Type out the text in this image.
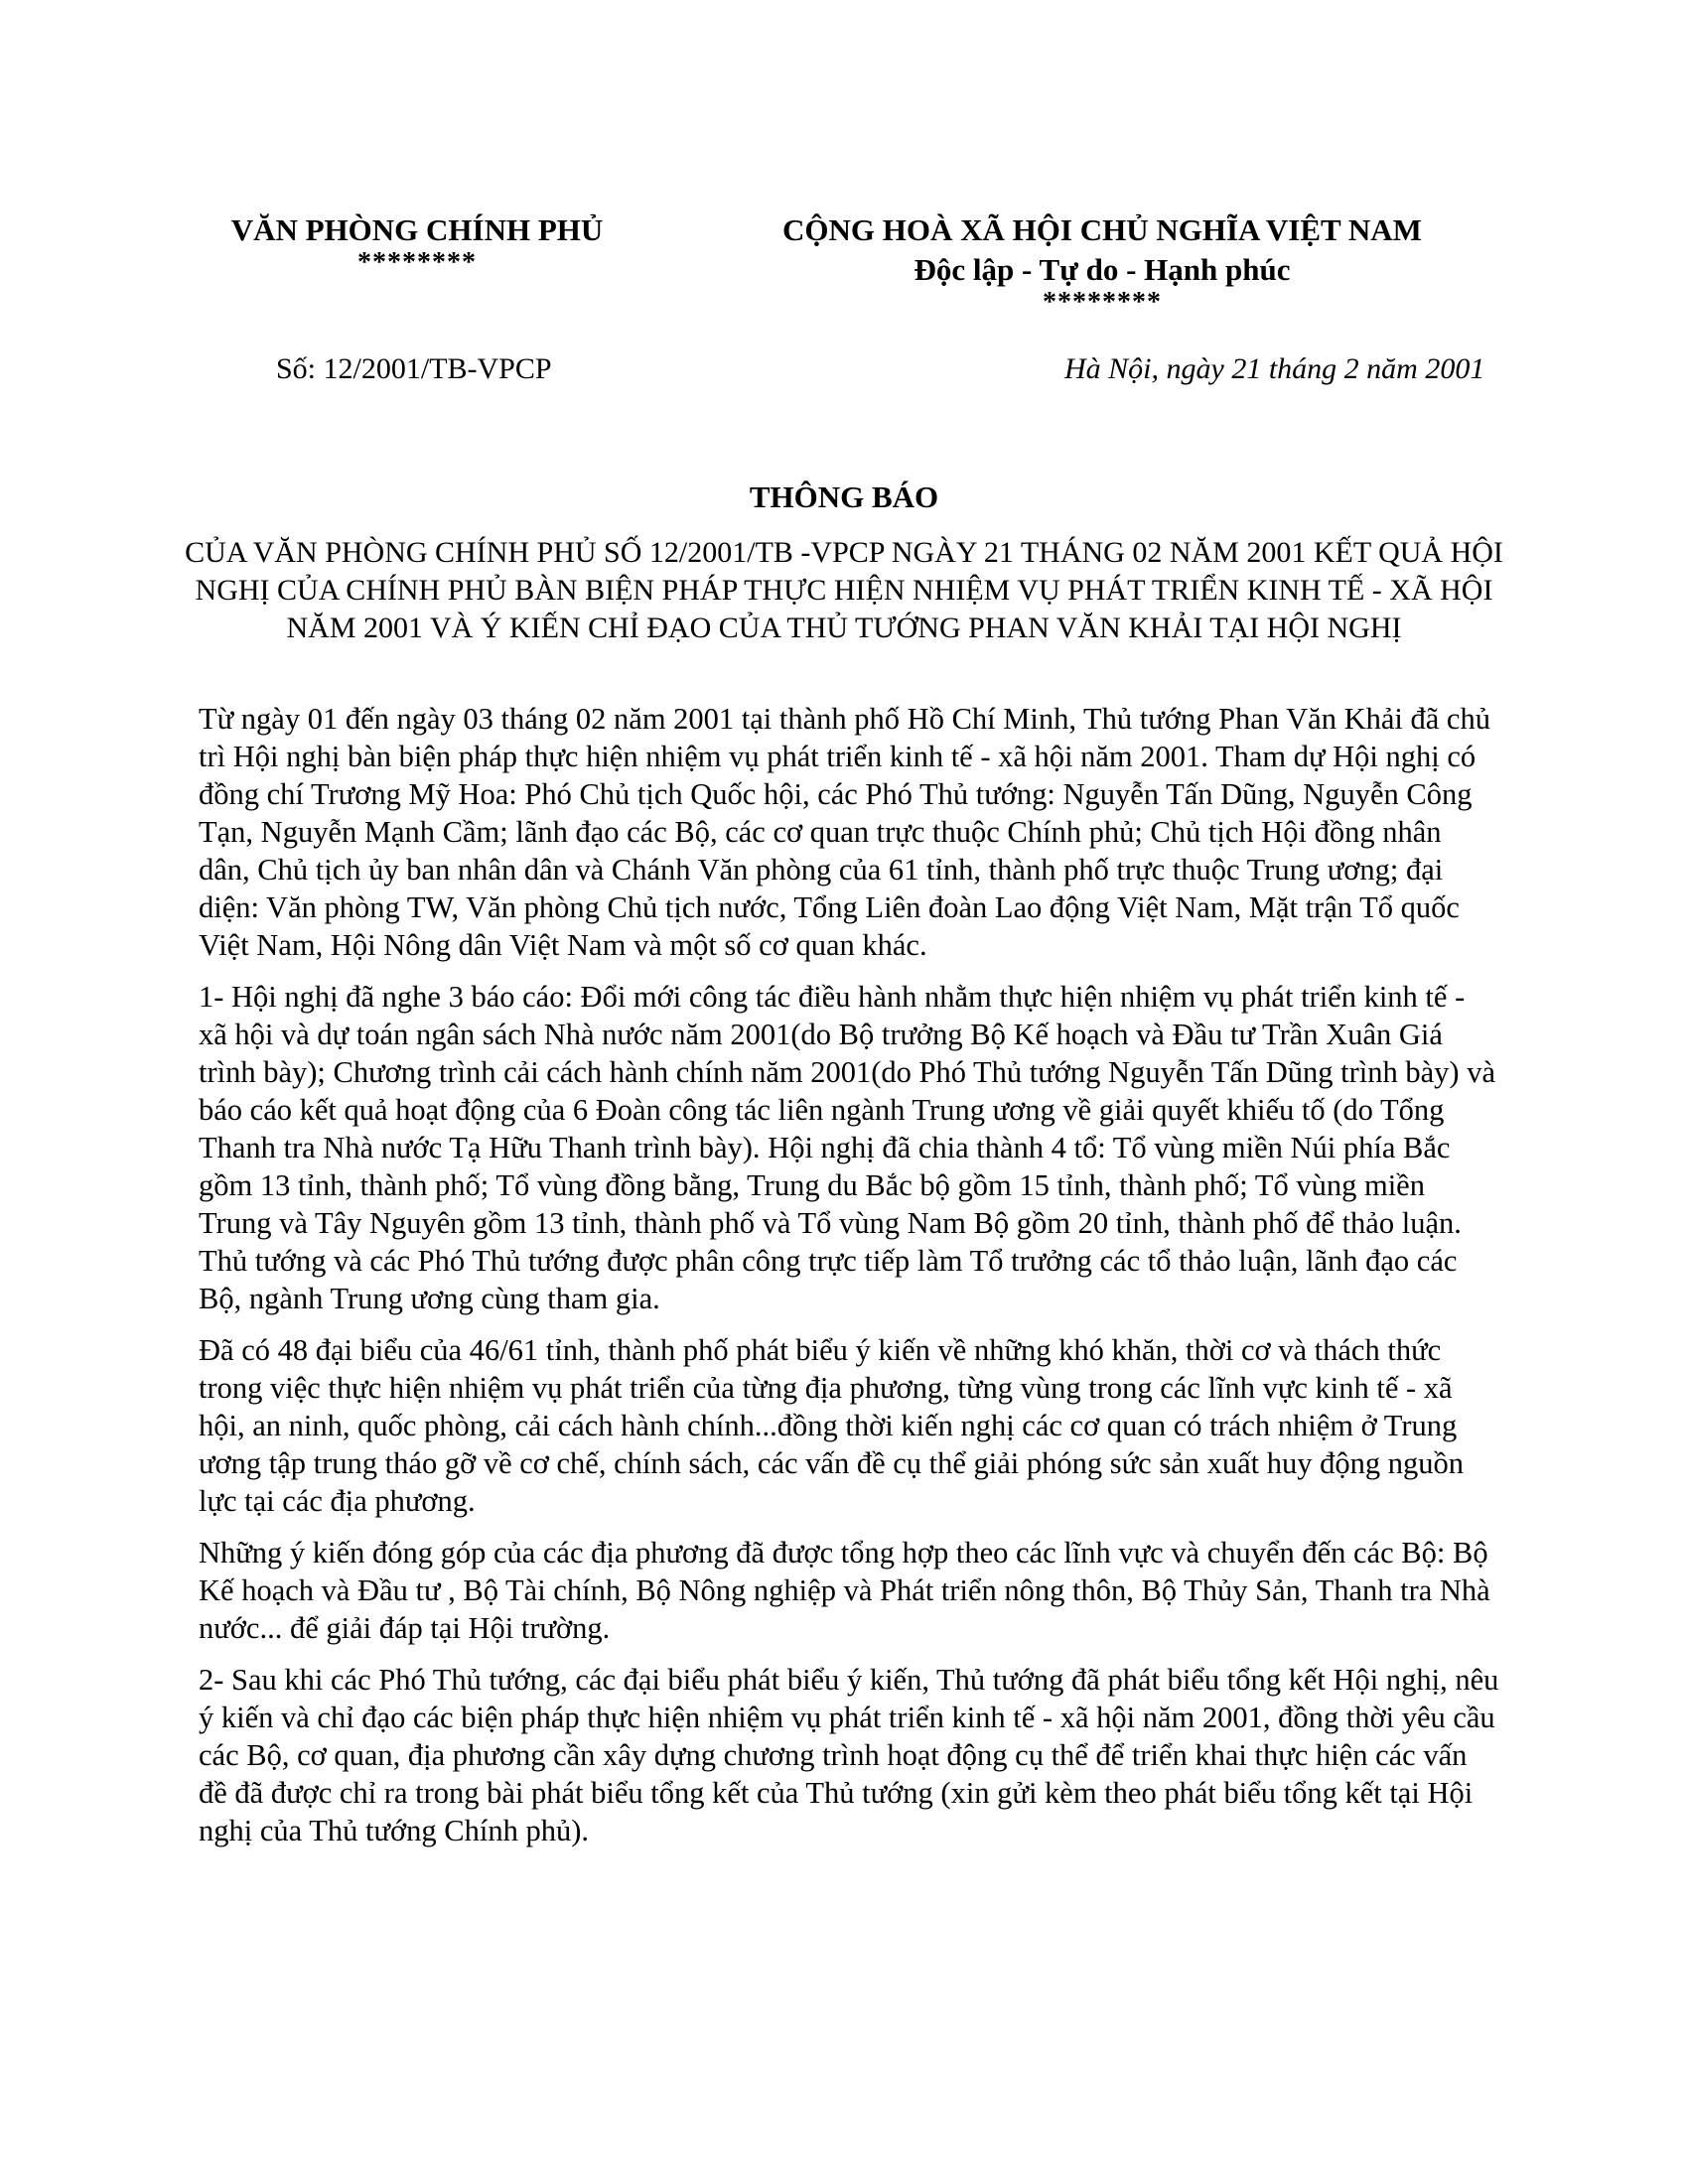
VĂN PHÒNG CHÍNH PHỦ
********
CỘNG HOÀ XÃ HỘI CHỦ NGHĨA VIỆT NAM
Độc lập - Tự do - Hạnh phúc
********
Số: 12/2001/TB-VPCP	Hà Nội, ngày 21 tháng 2 năm 2001
THÔNG BÁO
CỦA VĂN PHÒNG CHÍNH PHỦ SỐ 12/2001/TB -VPCP NGÀY 21 THÁNG 02 NĂM 2001 KẾT QUẢ HỘI NGHỊ CỦA CHÍNH PHỦ BÀN BIỆN PHÁP THỰC HIỆN NHIỆM VỤ PHÁT TRIỂN KINH TẾ - XÃ HỘI NĂM 2001 VÀ Ý KIẾN CHỈ ĐẠO CỦA THỦ TƯỚNG PHAN VĂN KHẢI TẠI HỘI NGHỊ

Từ ngày 01 đến ngày 03 tháng 02 năm 2001 tại thành phố Hồ Chí Minh, Thủ tướng Phan Văn Khải đã chủ trì Hội nghị bàn biện pháp thực hiện nhiệm vụ phát triển kinh tế - xã hội năm 2001. Tham dự Hội nghị có đồng chí Trương Mỹ Hoa: Phó Chủ tịch Quốc hội, các Phó Thủ tướng: Nguyễn Tấn Dũng, Nguyễn Công Tạn, Nguyễn Mạnh Cầm; lãnh đạo các Bộ, các cơ quan trực thuộc Chính phủ; Chủ tịch Hội đồng nhân dân, Chủ tịch ủy ban nhân dân và Chánh Văn phòng của 61 tỉnh, thành phố trực thuộc Trung ương; đại diện: Văn phòng TW, Văn phòng Chủ tịch nước, Tổng Liên đoàn Lao động Việt Nam, Mặt trận Tổ quốc Việt Nam, Hội Nông dân Việt Nam và một số cơ quan khác.

1- Hội nghị đã nghe 3 báo cáo: Đổi mới công tác điều hành nhằm thực hiện nhiệm vụ phát triển kinh tế - xã hội và dự toán ngân sách Nhà nước năm 2001(do Bộ trưởng Bộ Kế hoạch và Đầu tư Trần Xuân Giá trình bày); Chương trình cải cách hành chính năm 2001(do Phó Thủ tướng Nguyễn Tấn Dũng trình bày) và báo cáo kết quả hoạt động của 6 Đoàn công tác liên ngành Trung ương về giải quyết khiếu tố (do Tổng Thanh tra Nhà nước Tạ Hữu Thanh trình bày). Hội nghị đã chia thành 4 tổ: Tổ vùng miền Núi phía Bắc gồm 13 tỉnh, thành phố; Tổ vùng đồng bằng, Trung du Bắc bộ gồm 15 tỉnh, thành phố; Tổ vùng miền Trung và Tây Nguyên gồm 13 tỉnh, thành phố và Tổ vùng Nam Bộ gồm 20 tỉnh, thành phố để thảo luận. Thủ tướng và các Phó Thủ tướng được phân công trực tiếp làm Tổ trưởng các tổ thảo luận, lãnh đạo các Bộ, ngành Trung ương cùng tham gia.

Đã có 48 đại biểu của 46/61 tỉnh, thành phố phát biểu ý kiến về những khó khăn, thời cơ và thách thức trong việc thực hiện nhiệm vụ phát triển của từng địa phương, từng vùng trong các lĩnh vực kinh tế - xã hội, an ninh, quốc phòng, cải cách hành chính...đồng thời kiến nghị các cơ quan có trách nhiệm ở Trung ương tập trung tháo gỡ về cơ chế, chính sách, các vấn đề cụ thể giải phóng sức sản xuất huy động nguồn lực tại các địa phương.

Những ý kiến đóng góp của các địa phương đã được tổng hợp theo các lĩnh vực và chuyển đến các Bộ: Bộ Kế hoạch và Đầu tư , Bộ Tài chính, Bộ Nông nghiệp và Phát triển nông thôn, Bộ Thủy Sản, Thanh tra Nhà nước... để giải đáp tại Hội trường.

2- Sau khi các Phó Thủ tướng, các đại biểu phát biểu ý kiến, Thủ tướng đã phát biểu tổng kết Hội nghị, nêu ý kiến và chỉ đạo các biện pháp thực hiện nhiệm vụ phát triển kinh tế - xã hội năm 2001, đồng thời yêu cầu các Bộ, cơ quan, địa phương cần xây dựng chương trình hoạt động cụ thể để triển khai thực hiện các vấn đề đã được chỉ ra trong bài phát biểu tổng kết của Thủ tướng (xin gửi kèm theo phát biểu tổng kết tại Hội nghị của Thủ tướng Chính phủ).
